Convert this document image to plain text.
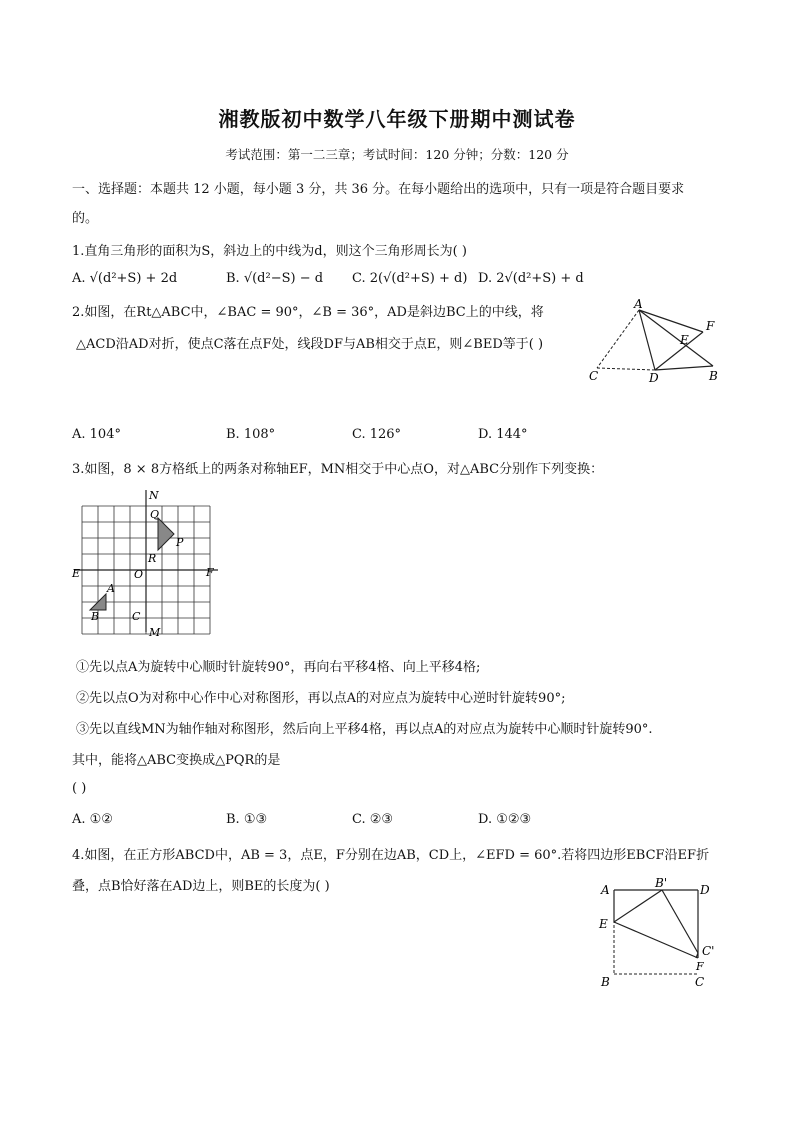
湘教版初中数学八年级下册期中测试卷
考试范围：第一二三章；考试时间：120 分钟；分数：120 分
一、选择题：本题共 12 小题，每小题 3 分，共 36 分。在每小题给出的选项中，只有一项是符合题目要求
的。
1.直角三角形的面积为S，斜边上的中线为d，则这个三角形周长为( )
A. √(d²+S) + 2d	B. √(d²−S) − d C. 2(√(d²+S) + d) D. 2√(d²+S) + d
2.如图，在Rt△ABC中，∠BAC = 90°，∠B = 36°，AD是斜边BC上的中线，将
△ACD沿AD对折，使点C落在点F处，线段DF与AB相交于点E，则∠BED等于( )
A
F
E
C	D	B
A. 104°	B. 108°	C. 126°	D. 144°
3.如图，8 × 8方格纸上的两条对称轴EF，MN相交于中心点O，对△ABC分别作下列变换：
N
M
E	F
O
A
B	C
Q
P
R
①先以点A为旋转中心顺时针旋转90°，再向右平移4格、向上平移4格;
②先以点O为对称中心作中心对称图形，再以点A的对应点为旋转中心逆时针旋转90°;
③先以直线MN为轴作轴对称图形，然后向上平移4格，再以点A的对应点为旋转中心顺时针旋转90°.
其中，能将△ABC变换成△PQR的是
( )
A. ①②	B. ①③	C. ②③	D. ①②③
4.如图，在正方形ABCD中，AB = 3，点E，F分别在边AB，CD上，∠EFD = 60°.若将四边形EBCF沿EF折
叠，点B恰好落在AD边上，则BE的长度为( )	A	B'	D
E
C'
F
B	C
